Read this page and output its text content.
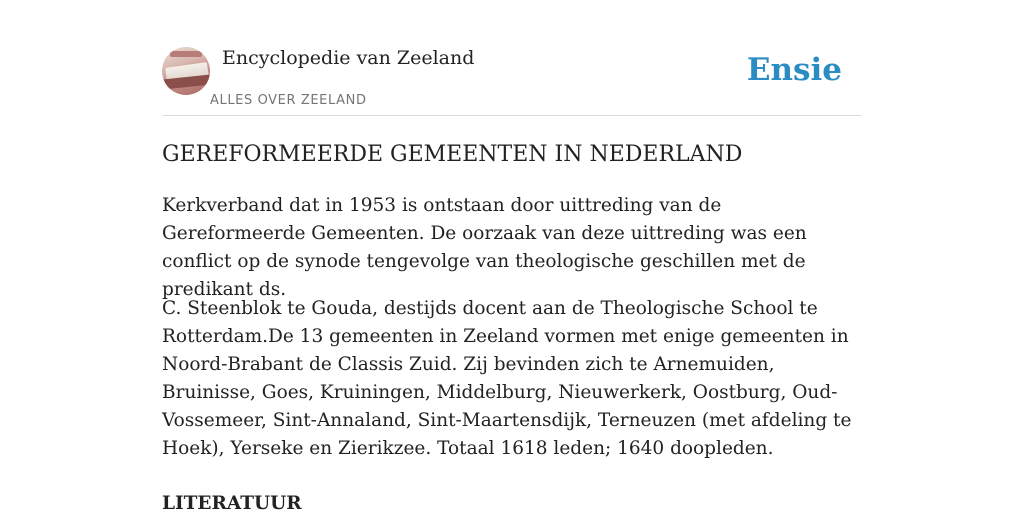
Encyclopedie van Zeeland
ALLES OVER ZEELAND
Ensie
GEREFORMEERDE GEMEENTEN IN NEDERLAND

Kerkverband dat in 1953 is ontstaan door uittreding van de Gereformeerde Gemeenten. De oorzaak van deze uittreding was een conflict op de synode tengevolge van theologische geschillen met de predikant ds.

C. Steenblok te Gouda, destijds docent aan de Theologische School te Rotterdam.De 13 gemeenten in Zeeland vormen met enige gemeenten in Noord-Brabant de Classis Zuid. Zij bevinden zich te Arnemuiden, Bruinisse, Goes, Kruiningen, Middelburg, Nieuwerkerk, Oostburg, Oud-Vossemeer, Sint-Annaland, Sint-Maartensdijk, Terneuzen (met afdeling te Hoek), Yerseke en Zierikzee. Totaal 1618 leden; 1640 doopleden.

LITERATUUR
